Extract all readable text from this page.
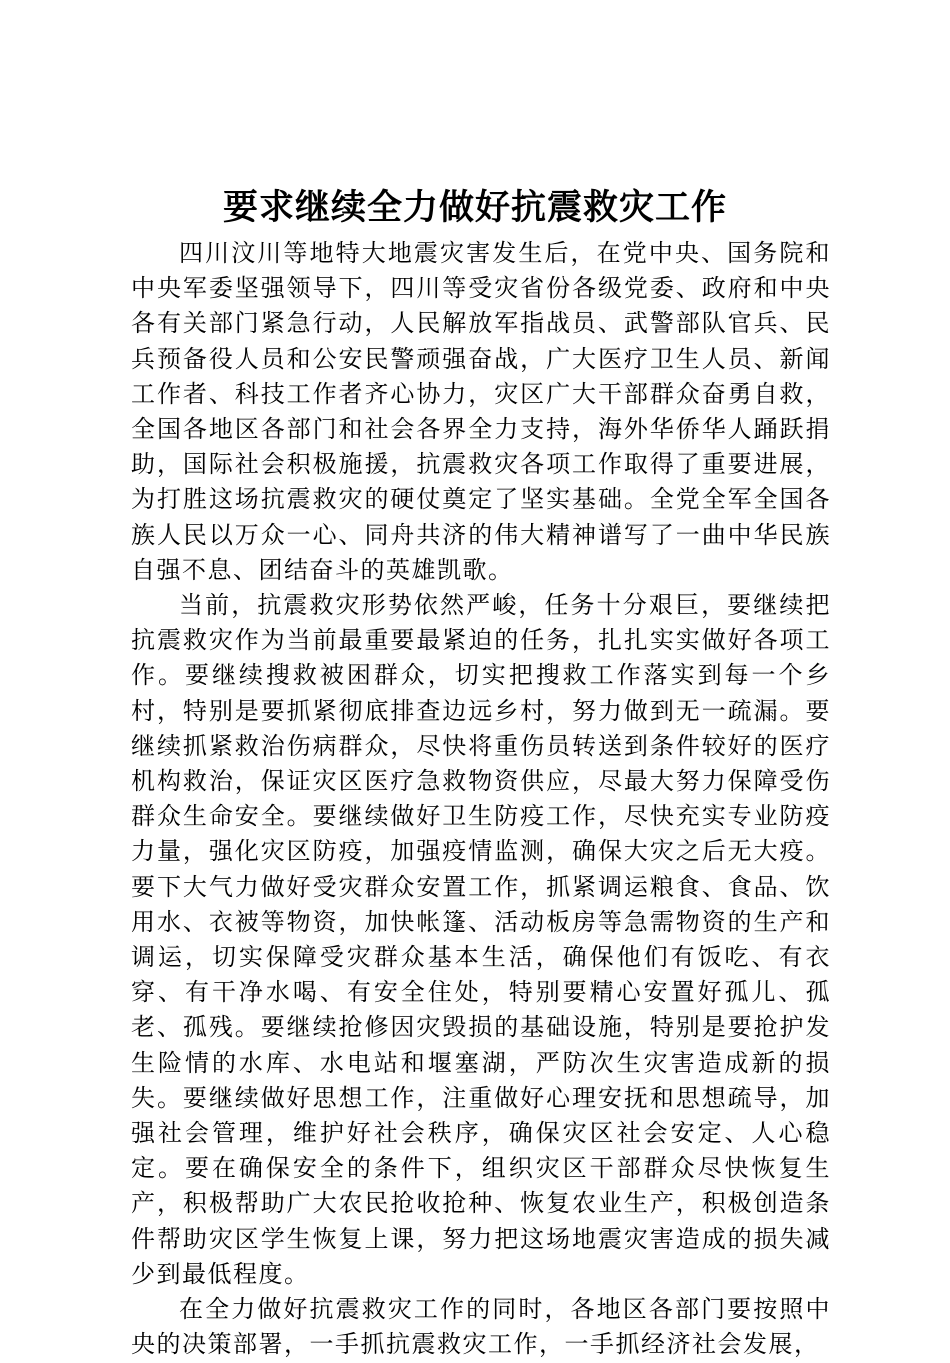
要求继续全力做好抗震救灾工作

四川汶川等地特大地震灾害发生后，在党中央、国务院和中央军委坚强领导下，四川等受灾省份各级党委、政府和中央各有关部门紧急行动，人民解放军指战员、武警部队官兵、民兵预备役人员和公安民警顽强奋战，广大医疗卫生人员、新闻工作者、科技工作者齐心协力，灾区广大干部群众奋勇自救，全国各地区各部门和社会各界全力支持，海外华侨华人踊跃捐助，国际社会积极施援，抗震救灾各项工作取得了重要进展，为打胜这场抗震救灾的硬仗奠定了坚实基础。全党全军全国各族人民以万众一心、同舟共济的伟大精神谱写了一曲中华民族自强不息、团结奋斗的英雄凯歌。

当前，抗震救灾形势依然严峻，任务十分艰巨，要继续把抗震救灾作为当前最重要最紧迫的任务，扎扎实实做好各项工作。要继续搜救被困群众，切实把搜救工作落实到每一个乡村，特别是要抓紧彻底排查边远乡村，努力做到无一疏漏。要继续抓紧救治伤病群众，尽快将重伤员转送到条件较好的医疗机构救治，保证灾区医疗急救物资供应，尽最大努力保障受伤群众生命安全。要继续做好卫生防疫工作，尽快充实专业防疫力量，强化灾区防疫，加强疫情监测，确保大灾之后无大疫。要下大气力做好受灾群众安置工作，抓紧调运粮食、食品、饮用水、衣被等物资，加快帐篷、活动板房等急需物资的生产和调运，切实保障受灾群众基本生活，确保他们有饭吃、有衣穿、有干净水喝、有安全住处，特别要精心安置好孤儿、孤老、孤残。要继续抢修因灾毁损的基础设施，特别是要抢护发生险情的水库、水电站和堰塞湖，严防次生灾害造成新的损失。要继续做好思想工作，注重做好心理安抚和思想疏导，加强社会管理，维护好社会秩序，确保灾区社会安定、人心稳定。要在确保安全的条件下，组织灾区干部群众尽快恢复生产，积极帮助广大农民抢收抢种、恢复农业生产，积极创造条件帮助灾区学生恢复上课，努力把这场地震灾害造成的损失减少到最低程度。

在全力做好抗震救灾工作的同时，各地区各部门要按照中央的决策部署，一手抓抗震救灾工作，一手抓经济社会发展，
